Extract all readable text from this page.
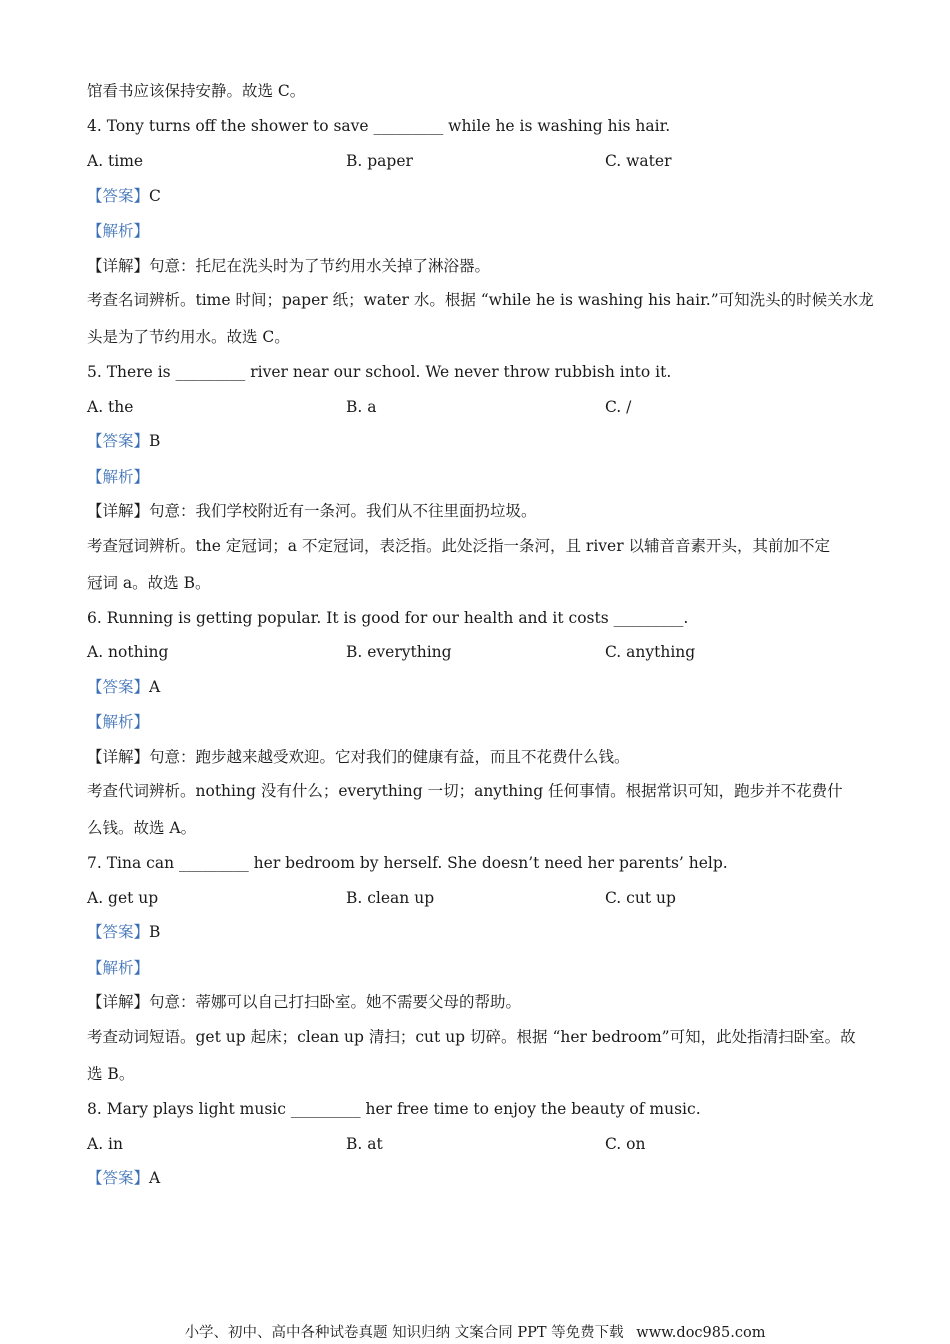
馆看书应该保持安静。故选 C。
4. Tony turns off the shower to save _________ while he is washing his hair.
A. time	B. paper	C. water
【答案】C
【解析】
【详解】句意：托尼在洗头时为了节约用水关掉了淋浴器。
考查名词辨析。time 时间；paper 纸；water 水。根据 “while he is washing his hair.”可知洗头的时候关水龙
头是为了节约用水。故选 C。
5. There is _________ river near our school. We never throw rubbish into it.
A. the	B. a	C. /
【答案】B
【解析】
【详解】句意：我们学校附近有一条河。我们从不往里面扔垃圾。
考查冠词辨析。the 定冠词；a 不定冠词，表泛指。此处泛指一条河，且 river 以辅音音素开头，其前加不定
冠词 a。故选 B。
6. Running is getting popular. It is good for our health and it costs _________.
A. nothing	B. everything	C. anything
【答案】A
【解析】
【详解】句意：跑步越来越受欢迎。它对我们的健康有益，而且不花费什么钱。
考查代词辨析。nothing 没有什么；everything 一切；anything 任何事情。根据常识可知，跑步并不花费什
么钱。故选 A。
7. Tina can _________ her bedroom by herself. She doesn’t need her parents’ help.
A. get up	B. clean up	C. cut up
【答案】B
【解析】
【详解】句意：蒂娜可以自己打扫卧室。她不需要父母的帮助。
考查动词短语。get up 起床；clean up 清扫；cut up 切碎。根据 “her bedroom”可知，此处指清扫卧室。故
选 B。
8. Mary plays light music _________ her free time to enjoy the beauty of music.
A. in	B. at	C. on
【答案】A
小学、初中、高中各种试卷真题 知识归纳 文案合同 PPT 等免费下载 www.doc985.com
